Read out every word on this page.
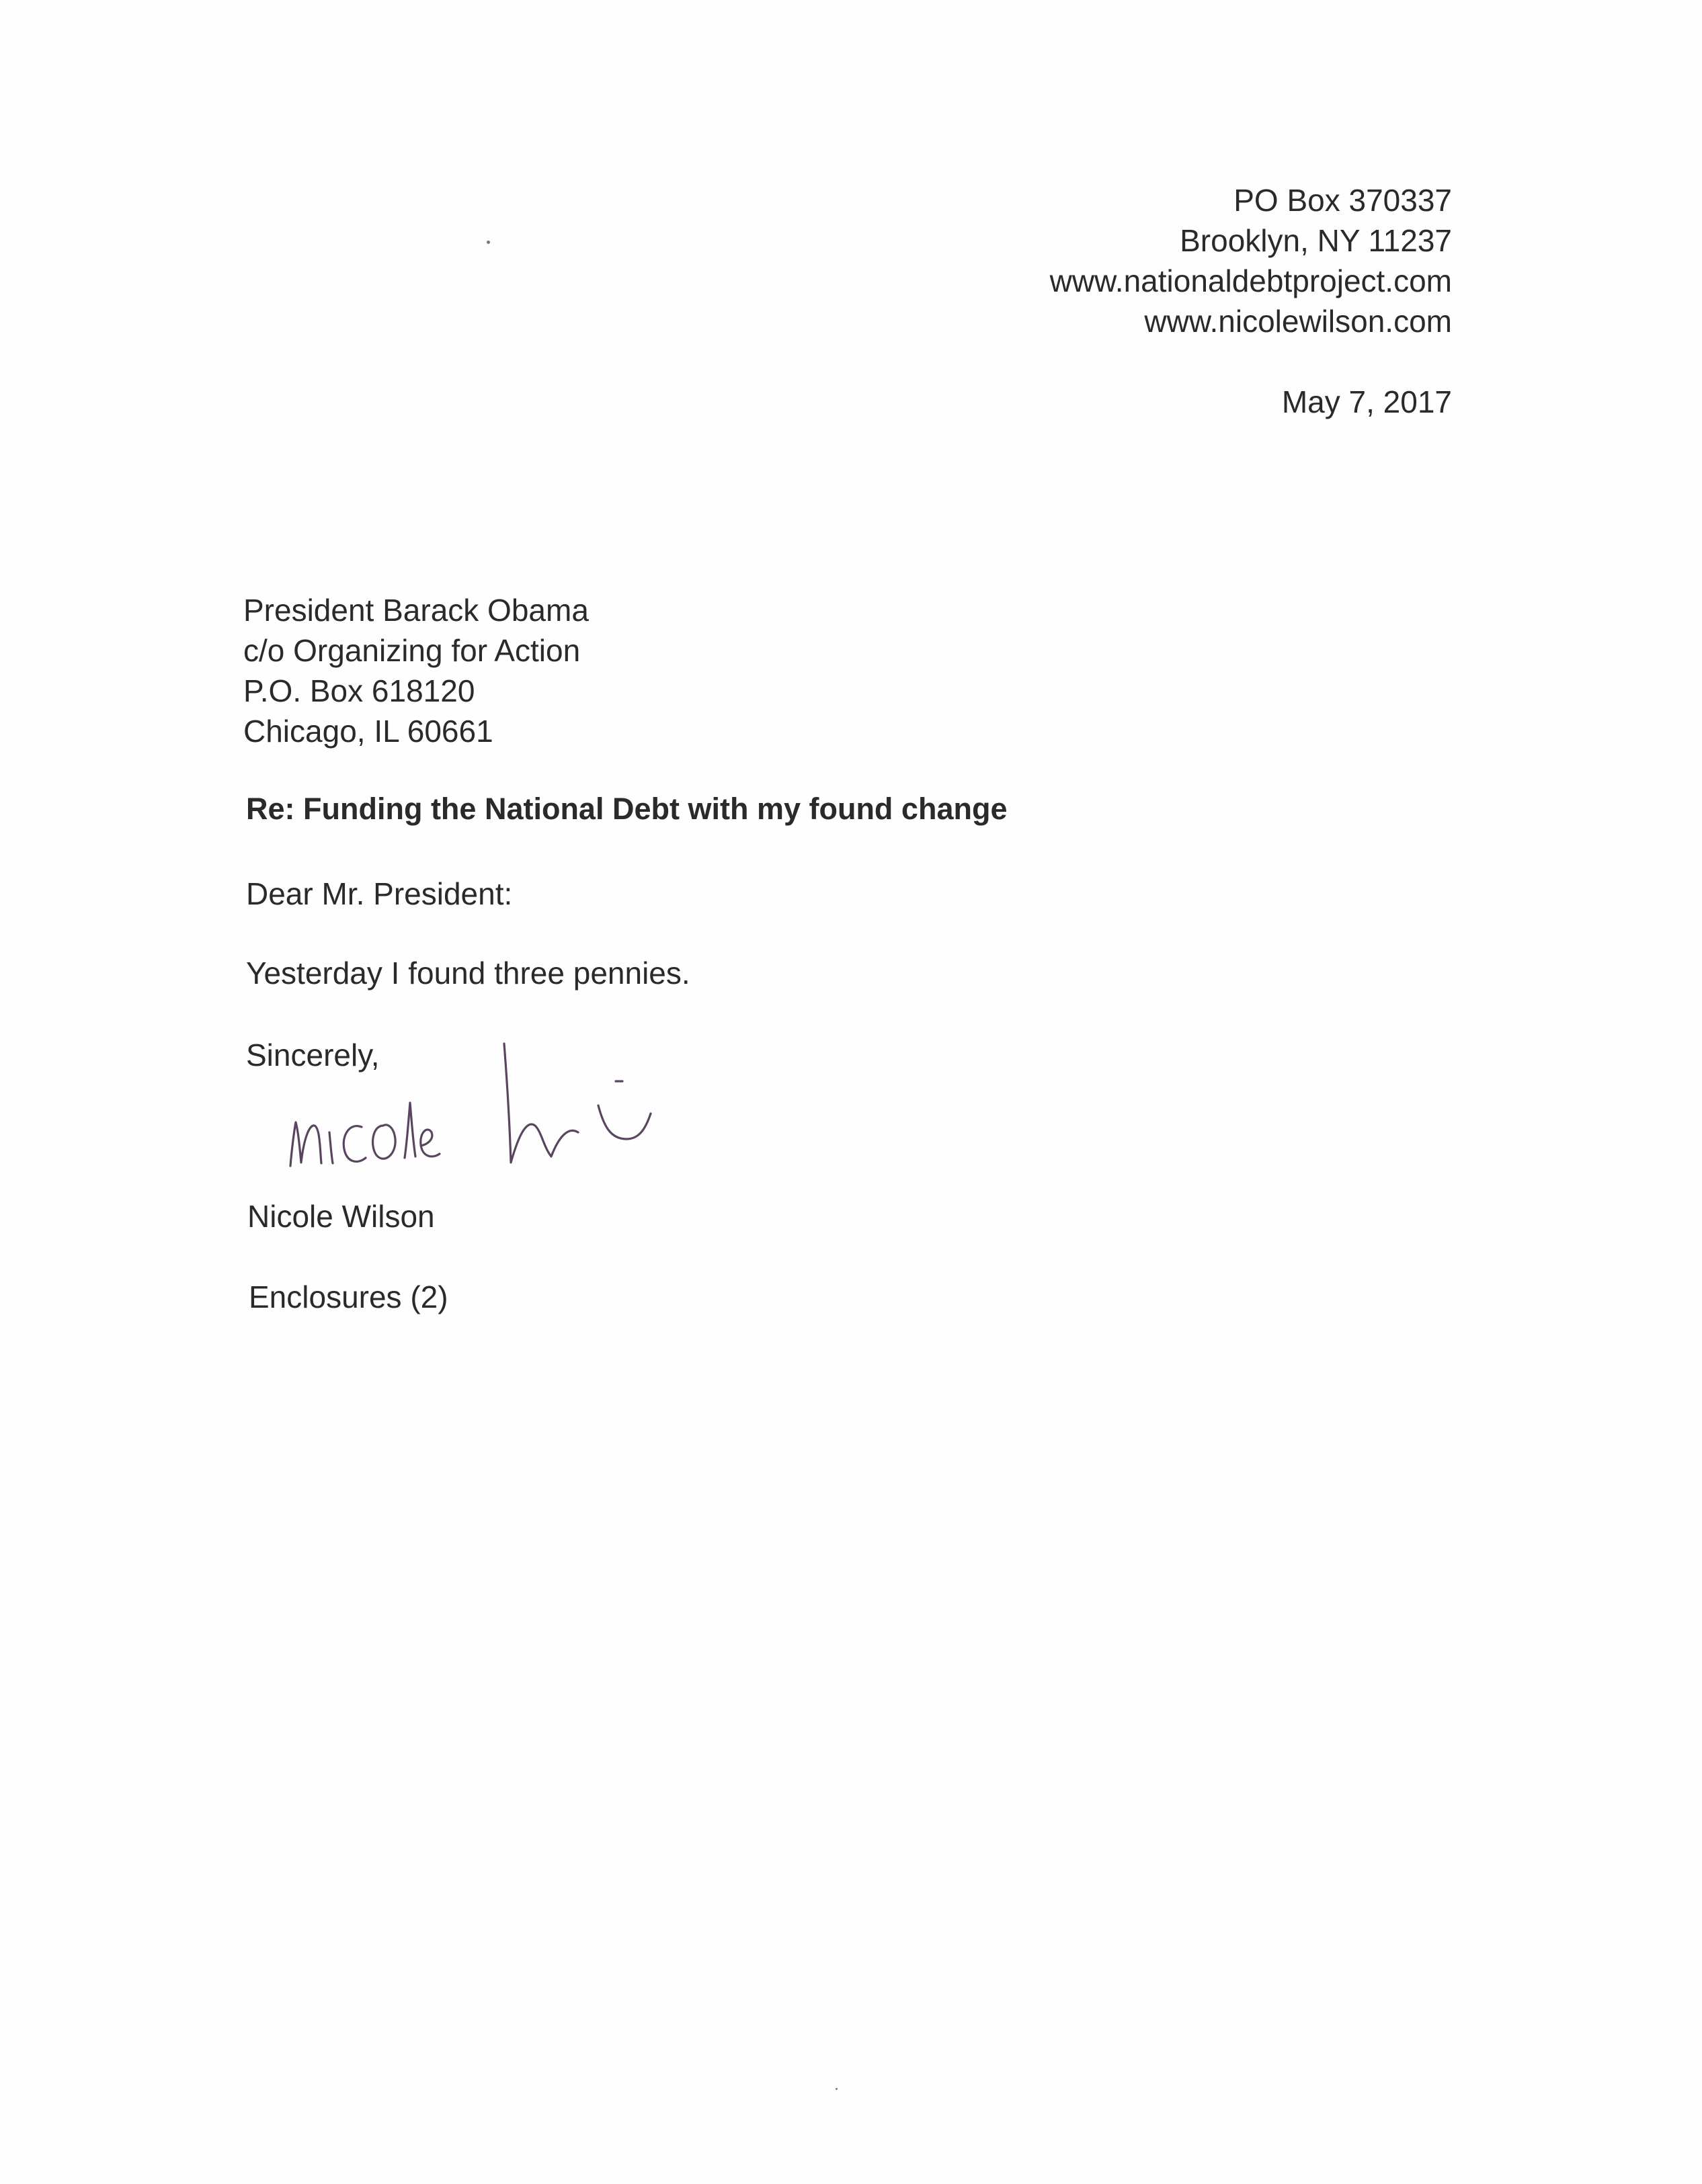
PO Box 370337
Brooklyn, NY 11237
www.nationaldebtproject.com
www.nicolewilson.com
May 7, 2017
President Barack Obama
c/o Organizing for Action
P.O. Box 618120
Chicago, IL 60661
Re: Funding the National Debt with my found change
Dear Mr. President:
Yesterday I found three pennies.
Sincerely,
Nicole Wilson
Enclosures (2)
